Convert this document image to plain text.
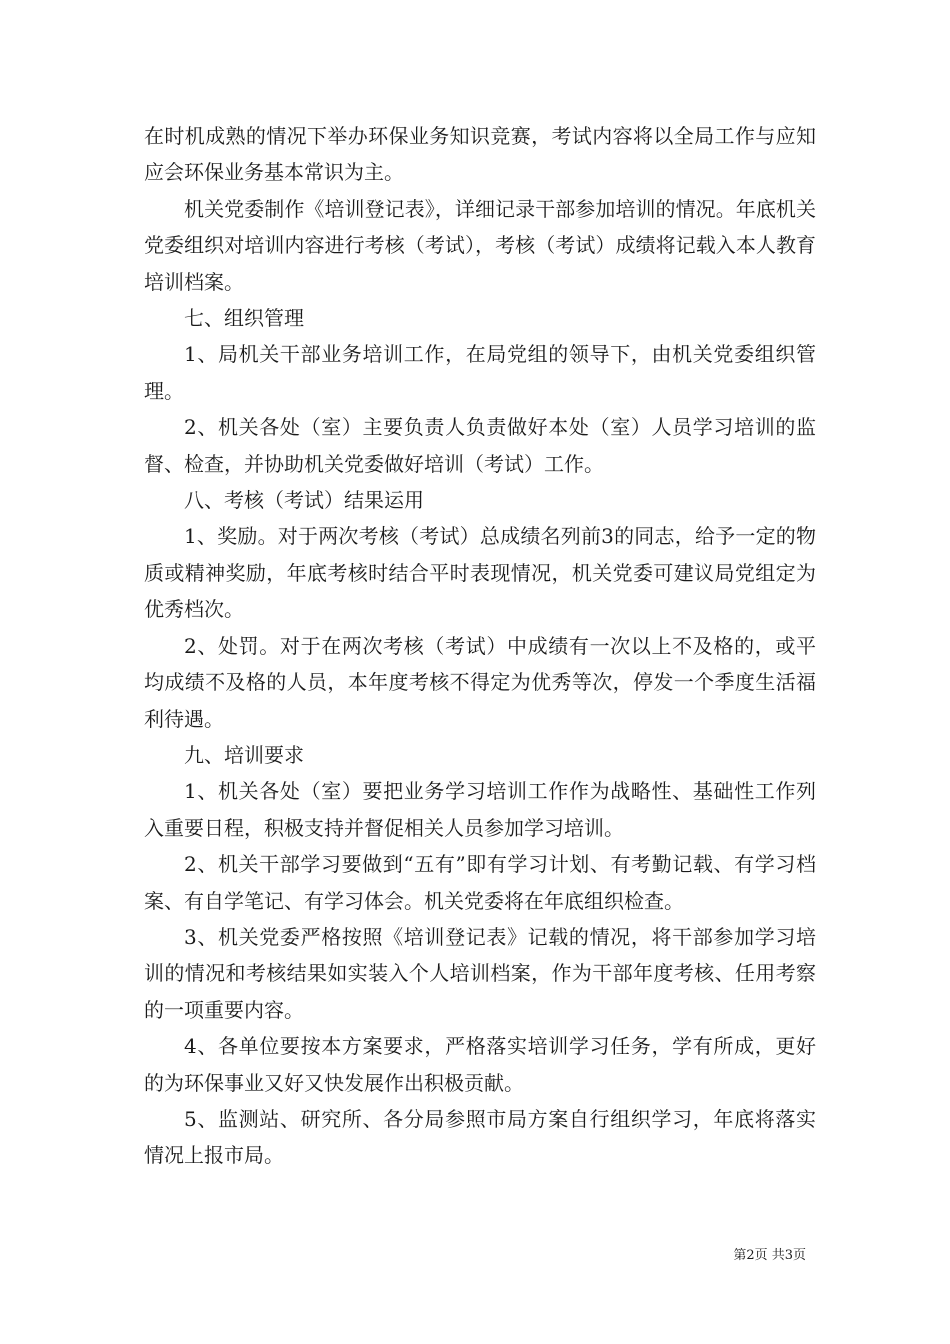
在时机成熟的情况下举办环保业务知识竞赛，考试内容将以全局工作与应知应会环保业务基本常识为主。

机关党委制作《培训登记表》，详细记录干部参加培训的情况。年底机关党委组织对培训内容进行考核（考试），考核（考试）成绩将记载入本人教育培训档案。

七、组织管理

1、局机关干部业务培训工作，在局党组的领导下，由机关党委组织管理。

2、机关各处（室）主要负责人负责做好本处（室）人员学习培训的监督、检查，并协助机关党委做好培训（考试）工作。

八、考核（考试）结果运用

1、奖励。对于两次考核（考试）总成绩名列前3的同志，给予一定的物质或精神奖励，年底考核时结合平时表现情况，机关党委可建议局党组定为优秀档次。

2、处罚。对于在两次考核（考试）中成绩有一次以上不及格的，或平均成绩不及格的人员，本年度考核不得定为优秀等次，停发一个季度生活福利待遇。

九、培训要求

1、机关各处（室）要把业务学习培训工作作为战略性、基础性工作列入重要日程，积极支持并督促相关人员参加学习培训。

2、机关干部学习要做到“五有”即有学习计划、有考勤记载、有学习档案、有自学笔记、有学习体会。机关党委将在年底组织检查。

3、机关党委严格按照《培训登记表》记载的情况，将干部参加学习培训的情况和考核结果如实装入个人培训档案，作为干部年度考核、任用考察的一项重要内容。

4、各单位要按本方案要求，严格落实培训学习任务，学有所成，更好的为环保事业又好又快发展作出积极贡献。

5、监测站、研究所、各分局参照市局方案自行组织学习，年底将落实情况上报市局。

第2页 共3页
